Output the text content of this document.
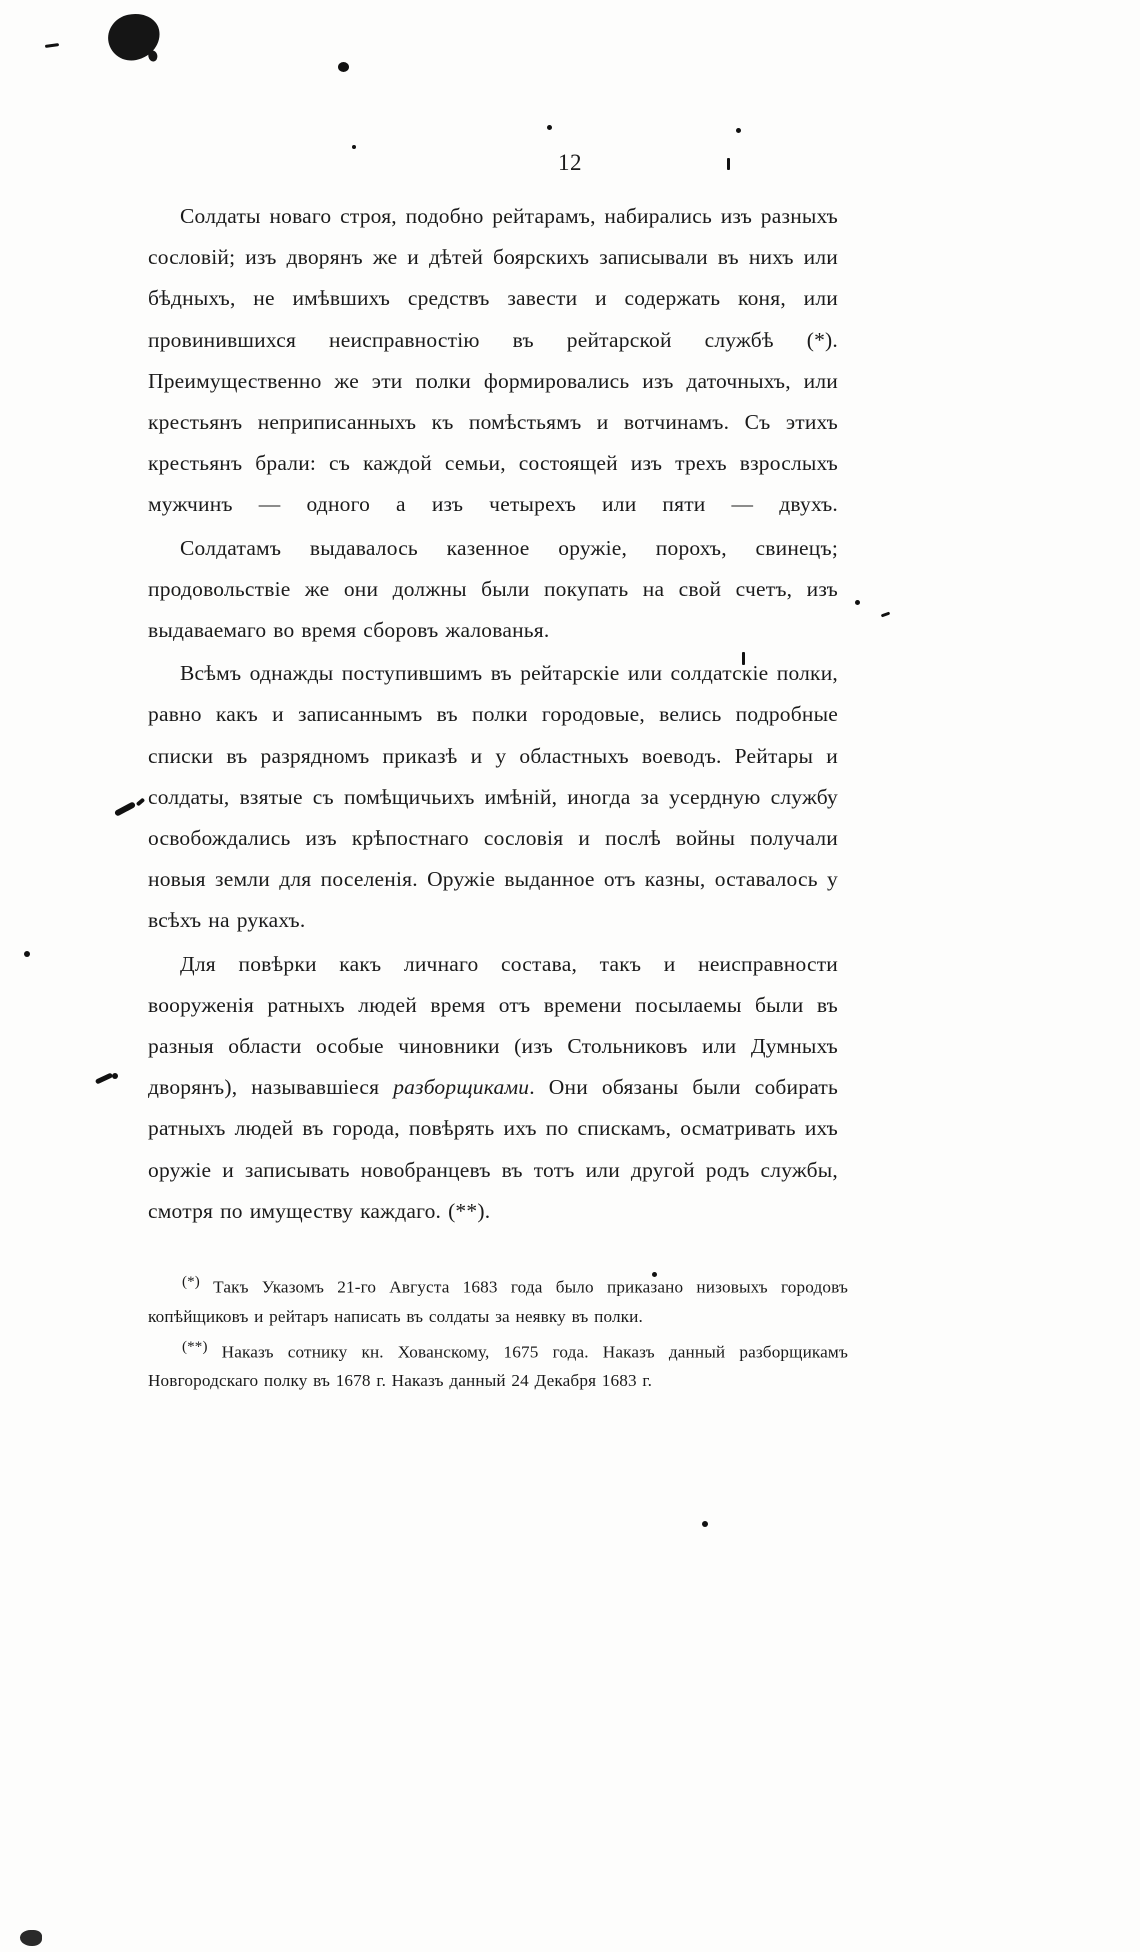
12

Солдаты новаго строя, подобно рейтарамъ, набирались изъ разныхъ сословій; изъ дворянъ же и дѣтей боярскихъ записывали въ нихъ или бѣдныхъ, не имѣвшихъ средствъ завести и содержать коня, или провинившихся неисправностію въ рейтарской службѣ (*). Преимущественно же эти полки формировались изъ даточныхъ, или крестьянъ неприписанныхъ къ помѣстьямъ и вотчинамъ. Съ этихъ крестьянъ брали: съ каждой семьи, состоящей изъ трехъ взрослыхъ мужчинъ — одного а изъ четырехъ или пяти — двухъ.

Солдатамъ выдавалось казенное оружіе, порохъ, свинецъ; продовольствіе же они должны были покупать на свой счетъ, изъ выдаваемаго во время сборовъ жалованья.

Всѣмъ однажды поступившимъ въ рейтарскіе или солдатскіе полки, равно какъ и записаннымъ въ полки городовые, велись подробные списки въ разрядномъ приказѣ и у областныхъ воеводъ. Рейтары и солдаты, взятые съ помѣщичьихъ имѣній, иногда за усердную службу освобождались изъ крѣпостнаго сословія и послѣ войны получали новыя земли для поселенія. Оружіе выданное отъ казны, оставалось у всѣхъ на рукахъ.

Для повѣрки какъ личнаго состава, такъ и неисправности вооруженія ратныхъ людей время отъ времени посылаемы были въ разныя области особые чиновники (изъ Стольниковъ или Думныхъ дворянъ), называвшіеся разборщиками. Они обязаны были собирать ратныхъ людей въ города, повѣрять ихъ по спискамъ, осматривать ихъ оружіе и записывать новобранцевъ въ тотъ или другой родъ службы, смотря по имуществу каждаго. (**).

(*) Такъ Указомъ 21-го Августа 1683 года было приказано низовыхъ городовъ копѣйщиковъ и рейтаръ написать въ солдаты за неявку въ полки.

(**) Наказъ сотнику кн. Хованскому, 1675 года. Наказъ данный разборщикамъ Новгородскаго полку въ 1678 г. Наказъ данный 24 Декабря 1683 г.
